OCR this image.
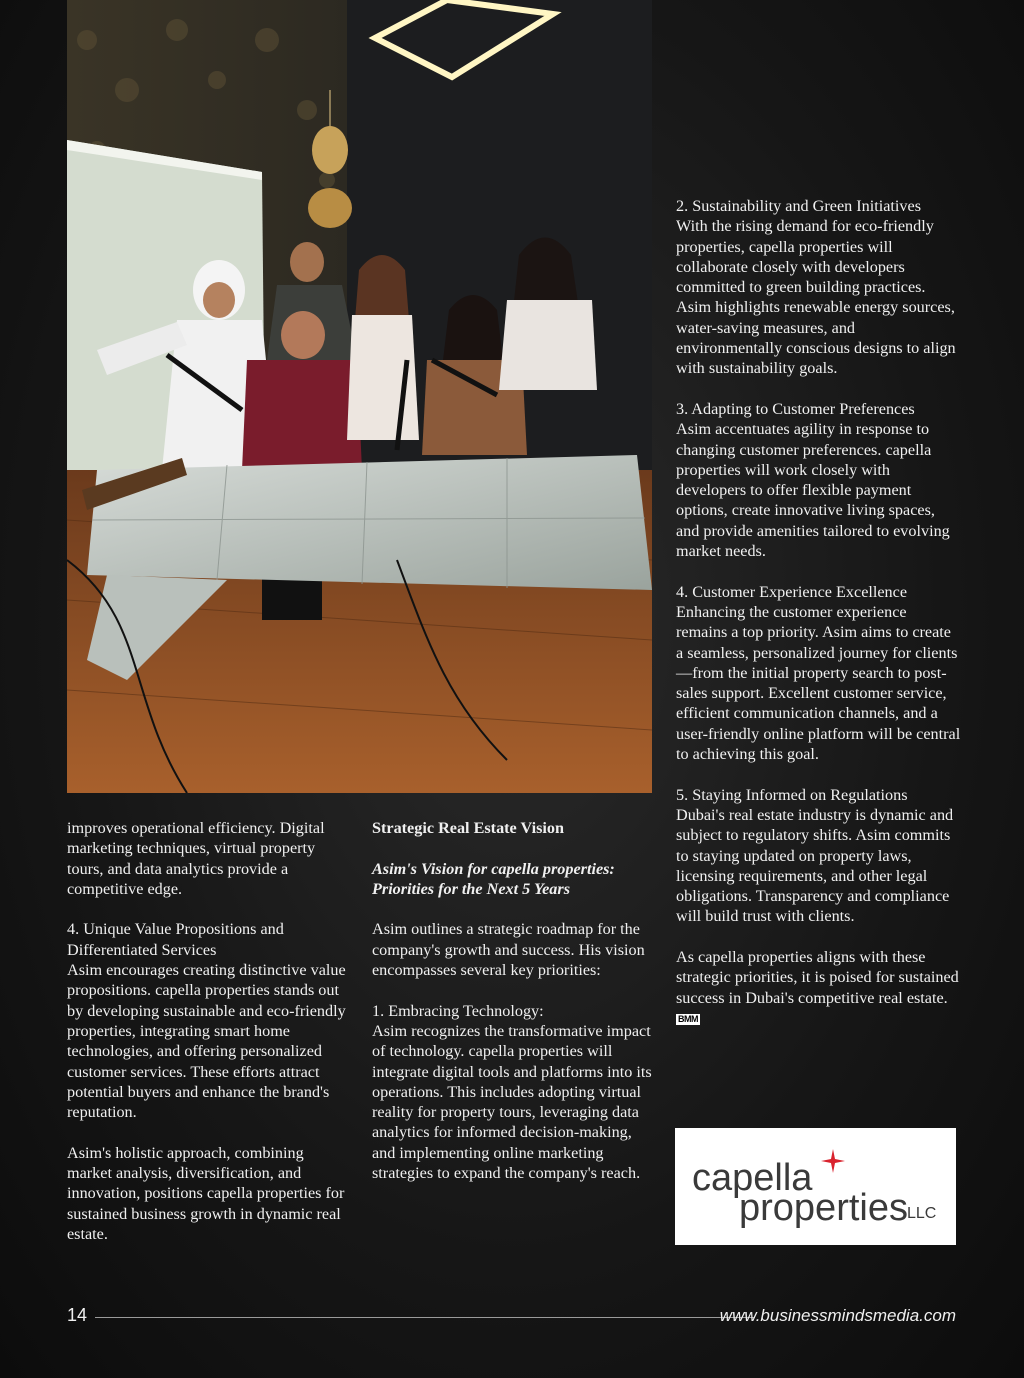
improves operational efficiency. Digital marketing techniques, virtual property tours, and data analytics provide a competitive edge.

4. Unique Value Propositions and Differentiated Services
Asim encourages creating distinctive value propositions. capella properties stands out by developing sustainable and eco-friendly properties, integrating smart home technologies, and offering personalized customer services. These efforts attract potential buyers and enhance the brand's reputation.

Asim's holistic approach, combining market analysis, diversification, and innovation, positions capella properties for sustained business growth in dynamic real estate.

Strategic Real Estate Vision

Asim's Vision for capella properties: Priorities for the Next 5 Years

Asim outlines a strategic roadmap for the company's growth and success. His vision encompasses several key priorities:

1. Embracing Technology:
Asim recognizes the transformative impact of technology. capella properties will integrate digital tools and platforms into its operations. This includes adopting virtual reality for property tours, leveraging data analytics for informed decision-making, and implementing online marketing strategies to expand the company's reach.

2. Sustainability and Green Initiatives
With the rising demand for eco-friendly properties, capella properties will collaborate closely with developers committed to green building practices. Asim highlights renewable energy sources, water-saving measures, and environmentally conscious designs to align with sustainability goals.

3. Adapting to Customer Preferences
Asim accentuates agility in response to changing customer preferences. capella properties will work closely with developers to offer flexible payment options, create innovative living spaces, and provide amenities tailored to evolving market needs.

4. Customer Experience Excellence
Enhancing the customer experience remains a top priority. Asim aims to create a seamless, personalized journey for clients—from the initial property search to post-sales support. Excellent customer service, efficient communication channels, and a user-friendly online platform will be central to achieving this goal.

5. Staying Informed on Regulations
Dubai's real estate industry is dynamic and subject to regulatory shifts. Asim commits to staying updated on property laws, licensing requirements, and other legal obligations. Transparency and compliance will build trust with clients.

As capella properties aligns with these strategic priorities, it is poised for sustained success in Dubai's competitive real estate. BMM

capella
properties LLC
14	www.businessmindsmedia.com
